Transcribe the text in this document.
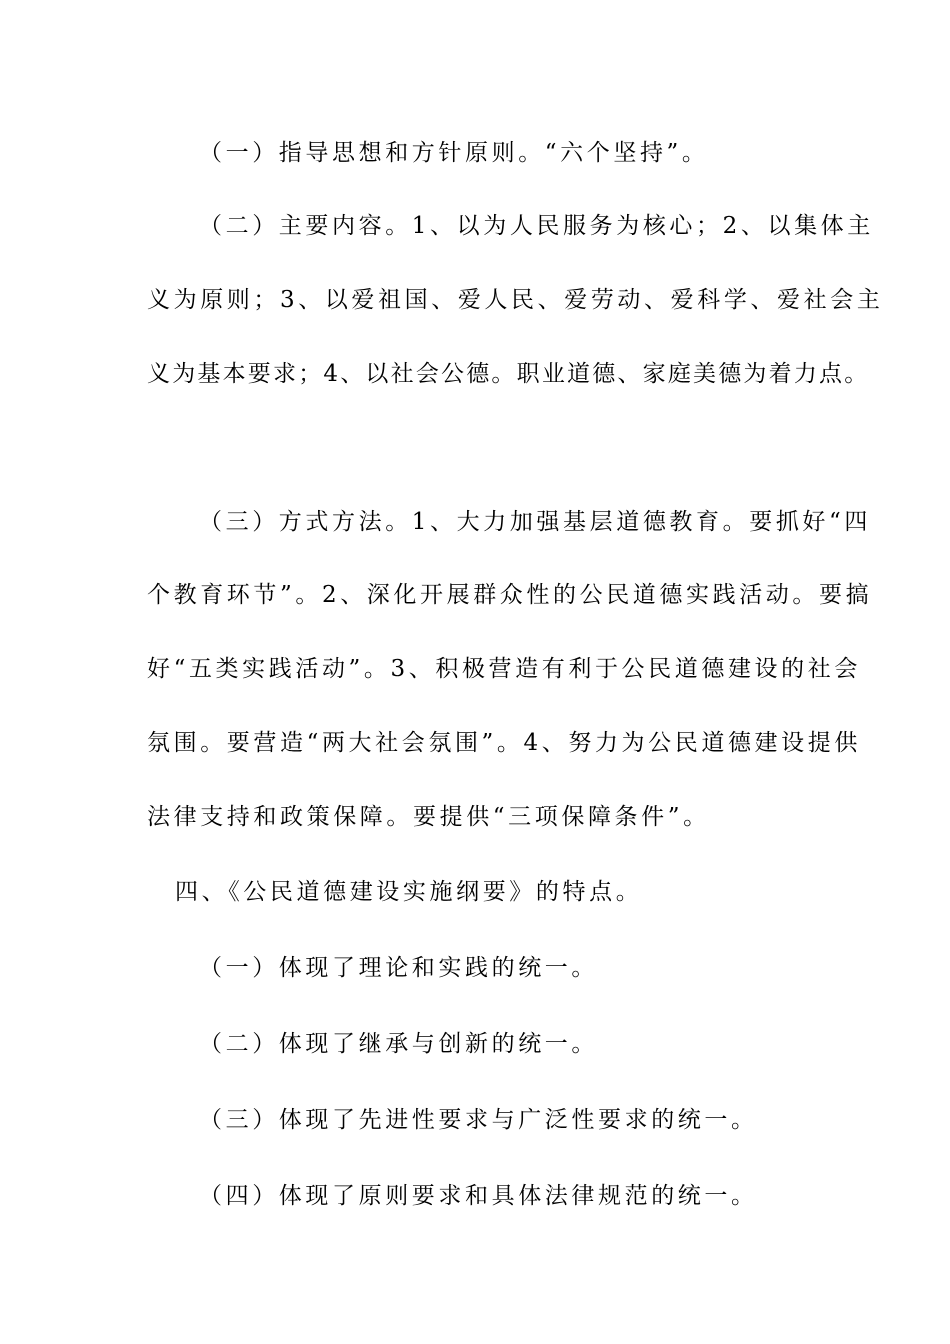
（一）指导思想和方针原则。“六个坚持”。

（二）主要内容。1、以为人民服务为核心；2、以集体主

义为原则；3、以爱祖国、爱人民、爱劳动、爱科学、爱社会主

义为基本要求；4、以社会公德。职业道德、家庭美德为着力点。

（三）方式方法。1、大力加强基层道德教育。要抓好“四

个教育环节”。2、深化开展群众性的公民道德实践活动。要搞

好“五类实践活动”。3、积极营造有利于公民道德建设的社会

氛围。要营造“两大社会氛围”。4、努力为公民道德建设提供

法律支持和政策保障。要提供“三项保障条件”。

四、《公民道德建设实施纲要》的特点。

（一）体现了理论和实践的统一。

（二）体现了继承与创新的统一。

（三）体现了先进性要求与广泛性要求的统一。

（四）体现了原则要求和具体法律规范的统一。
